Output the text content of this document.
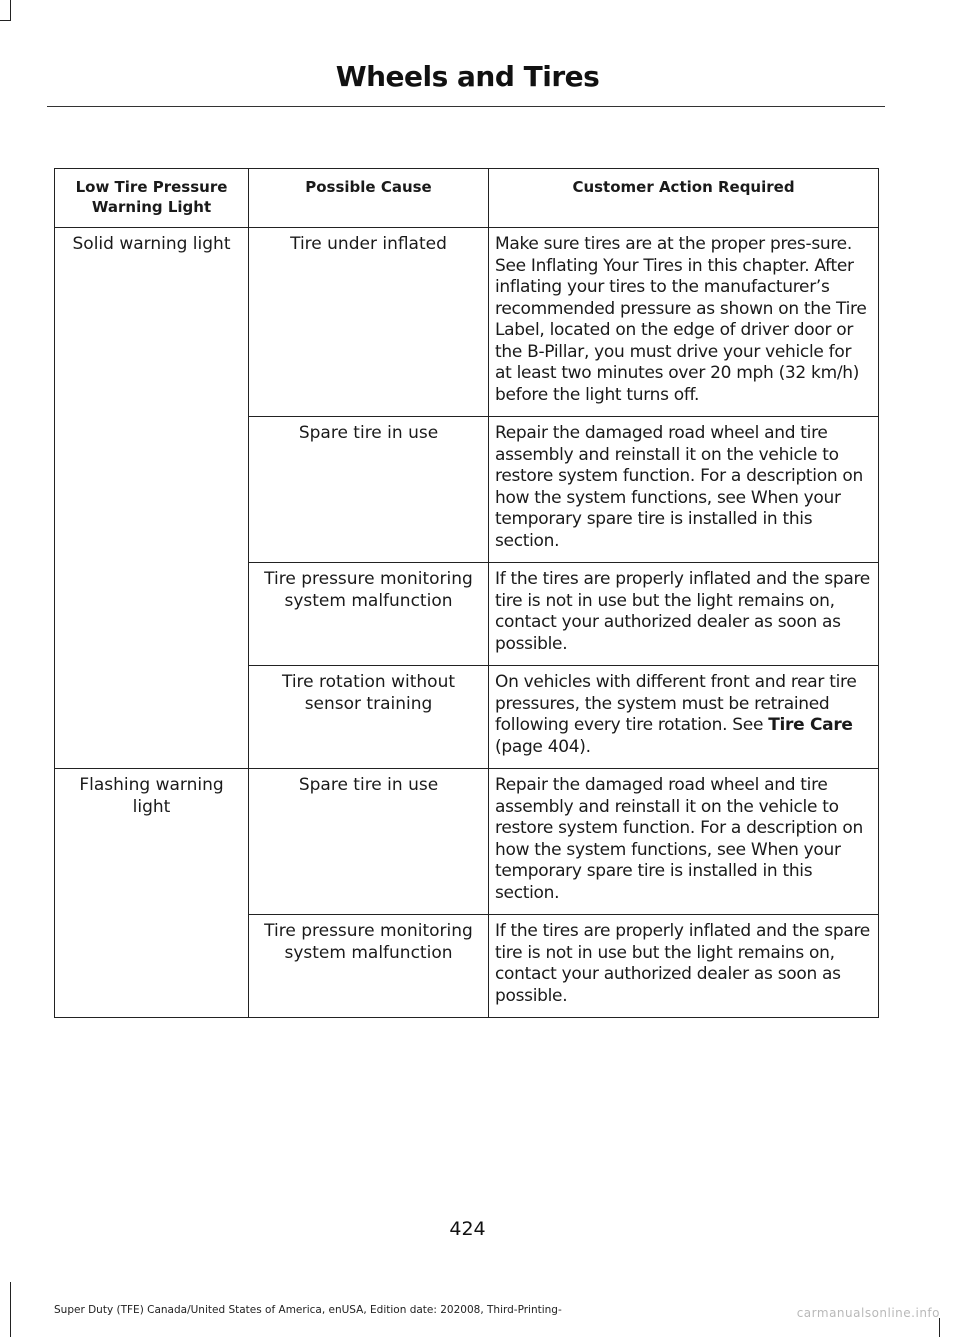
Wheels and Tires
Low Tire Pressure Warning Light	Possible Cause	Customer Action Required
Solid warning light	Tire under inflated	Make sure tires are at the proper pres-sure. See Inflating Your Tires in this chapter. After inflating your tires to the manufacturer’s recommended pressure as shown on the Tire Label, located on the edge of driver door or the B-Pillar, you must drive your vehicle for at least two minutes over 20 mph (32 km/h) before the light turns off.
	Spare tire in use	Repair the damaged road wheel and tire assembly and reinstall it on the vehicle to restore system function. For a description on how the system functions, see When your temporary spare tire is installed in this section.
	Tire pressure monitoring system malfunction	If the tires are properly inflated and the spare tire is not in use but the light remains on, contact your authorized dealer as soon as possible.
	Tire rotation without sensor training	On vehicles with different front and rear tire pressures, the system must be retrained following every tire rotation. See Tire Care (page 404).
Flashing warning light	Spare tire in use	Repair the damaged road wheel and tire assembly and reinstall it on the vehicle to restore system function. For a description on how the system functions, see When your temporary spare tire is installed in this section.
	Tire pressure monitoring system malfunction	If the tires are properly inflated and the spare tire is not in use but the light remains on, contact your authorized dealer as soon as possible.
424
Super Duty (TFE) Canada/United States of America, enUSA, Edition date: 202008, Third-Printing-	carmanualsonline.info
